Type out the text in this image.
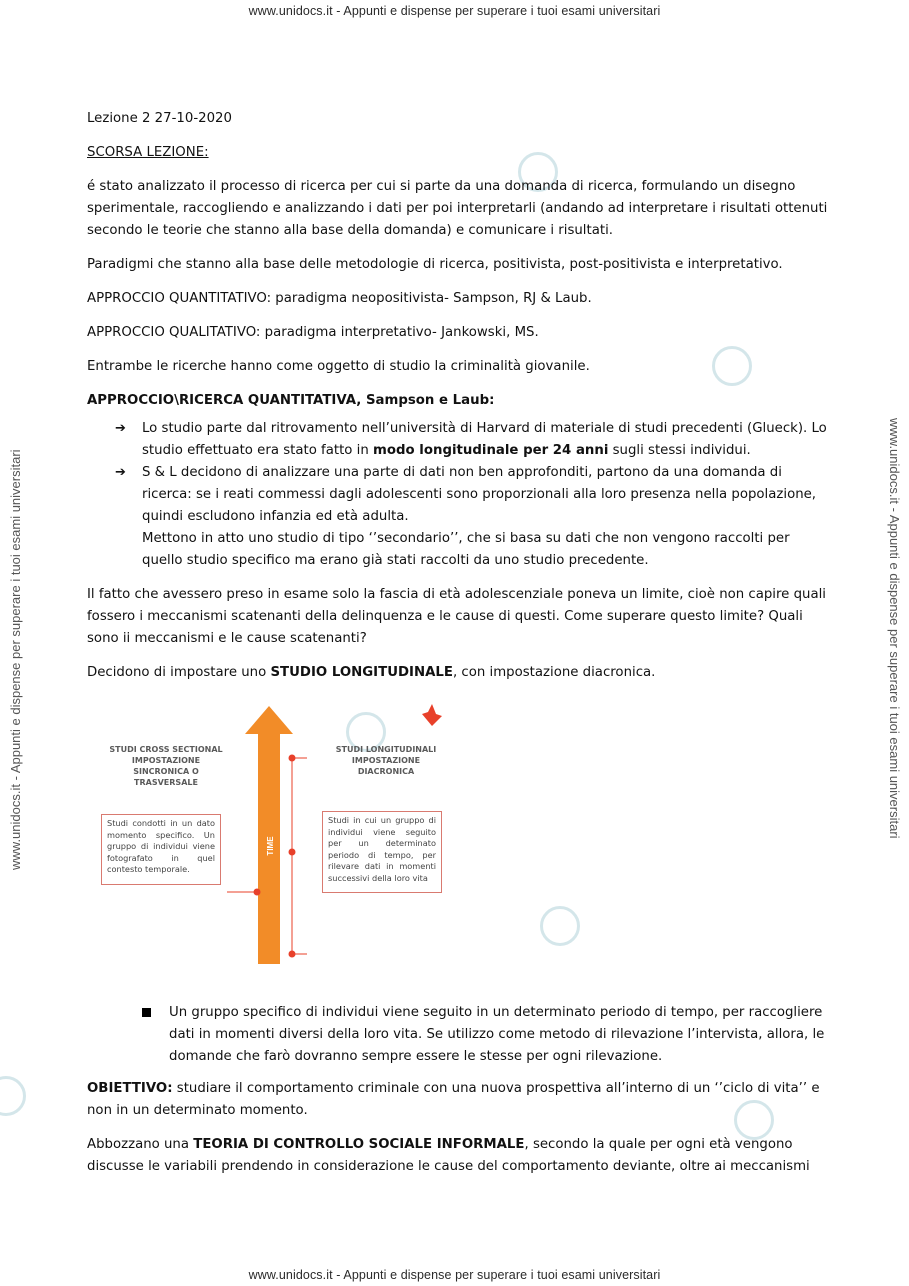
www.unidocs.it - Appunti e dispense per superare i tuoi esami universitari
www.unidocs.it - Appunti e dispense per superare i tuoi esami universitari
www.unidocs.it - Appunti e dispense per superare i tuoi esami universitari	www.unidocs.it - Appunti e dispense per superare i tuoi esami universitari

Lezione 2 27-10-2020

SCORSA LEZIONE:

é stato analizzato il processo di ricerca per cui si parte da una domanda di ricerca, formulando un disegno sperimentale, raccogliendo e analizzando i dati per poi interpretarli (andando ad interpretare i risultati ottenuti secondo le teorie che stanno alla base della domanda) e comunicare i risultati.

Paradigmi che stanno alla base delle metodologie di ricerca, positivista, post-positivista e interpretativo.

APPROCCIO QUANTITATIVO: paradigma neopositivista- Sampson, RJ & Laub.

APPROCCIO QUALITATIVO: paradigma interpretativo- Jankowski, MS.

Entrambe le ricerche hanno come oggetto di studio la criminalità giovanile.

APPROCCIO\RICERCA QUANTITATIVA, Sampson e Laub:

➔ Lo studio parte dal ritrovamento nell’università di Harvard di materiale di studi precedenti (Glueck). Lo studio effettuato era stato fatto in modo longitudinale per 24 anni sugli stessi individui.
➔ S & L decidono di analizzare una parte di dati non ben approfonditi, partono da una domanda di ricerca: se i reati commessi dagli adolescenti sono proporzionali alla loro presenza nella popolazione, quindi escludono infanzia ed età adulta.
Mettono in atto uno studio di tipo ‘’secondario’’, che si basa su dati che non vengono raccolti per quello studio specifico ma erano già stati raccolti da uno studio precedente.

Il fatto che avessero preso in esame solo la fascia di età adolescenziale poneva un limite, cioè non capire quali fossero i meccanismi scatenanti della delinquenza e le cause di questi. Come superare questo limite? Quali sono ii meccanismi e le cause scatenanti?

Decidono di impostare uno STUDIO LONGITUDINALE, con impostazione diacronica.

TIME
STUDI CROSS SECTIONAL IMPOSTAZIONE SINCRONICA O TRASVERSALE
STUDI LONGITUDINALI IMPOSTAZIONE DIACRONICA
Studi condotti in un dato momento specifico. Un gruppo di individui viene fotografato in quel contesto temporale.
Studi in cui un gruppo di individui viene seguito per un determinato periodo di tempo, per rilevare dati in momenti successivi della loro vita
Un gruppo specifico di individui viene seguito in un determinato periodo di tempo, per raccogliere dati in momenti diversi della loro vita. Se utilizzo come metodo di rilevazione l’intervista, allora, le domande che farò dovranno sempre essere le stesse per ogni rilevazione.

OBIETTIVO: studiare il comportamento criminale con una nuova prospettiva all’interno di un ‘’ciclo di vita’’ e non in un determinato momento.

Abbozzano una TEORIA DI CONTROLLO SOCIALE INFORMALE, secondo la quale per ogni età vengono discusse le variabili prendendo in considerazione le cause del comportamento deviante, oltre ai meccanismi
